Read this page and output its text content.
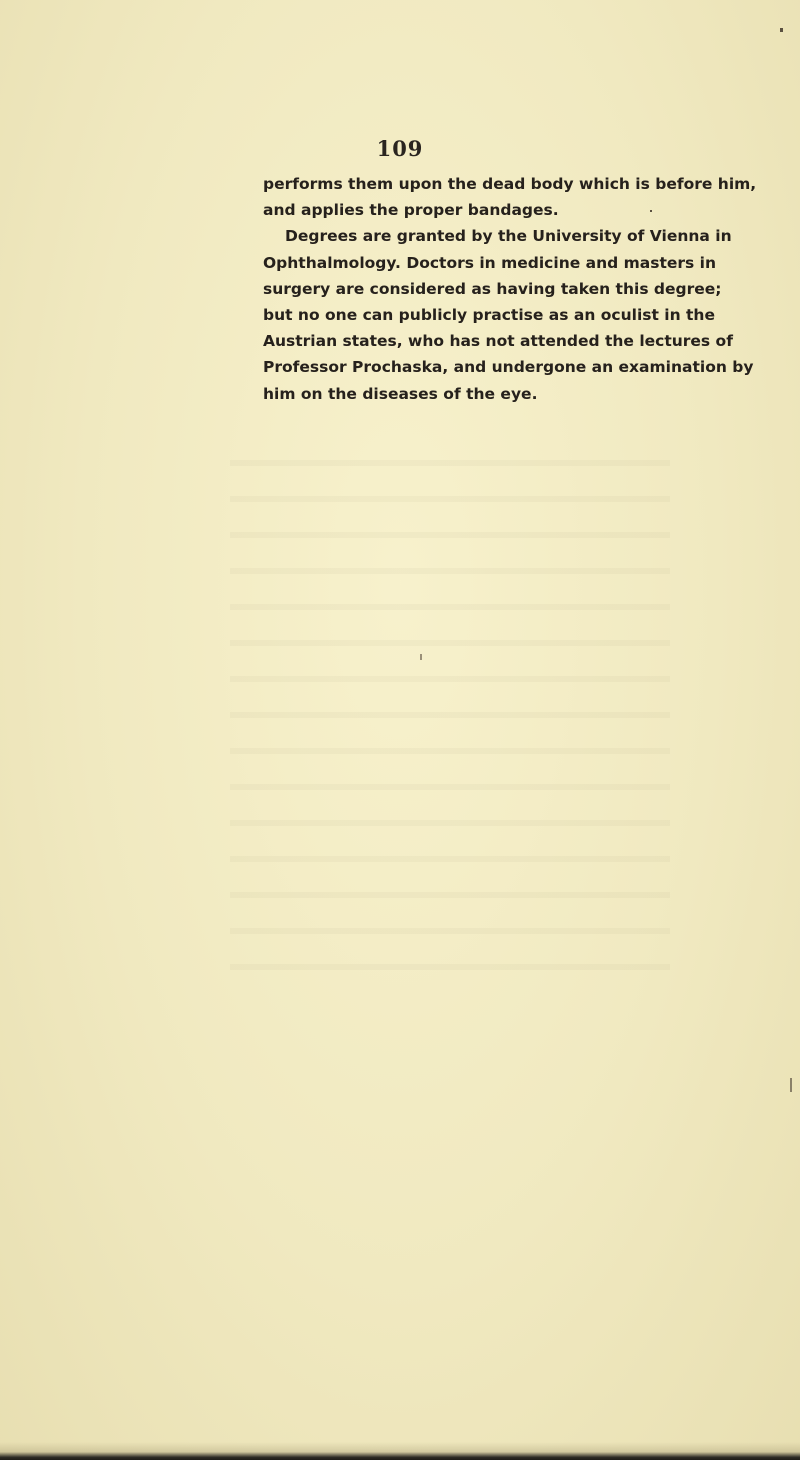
109
performs them upon the dead body which is before him,
and applies the proper bandages.
Degrees are granted by the University of Vienna in
Ophthalmology. Doctors in medicine and masters in
surgery are considered as having taken this degree;
but no one can publicly practise as an oculist in the
Austrian states, who has not attended the lectures of
Professor Prochaska, and undergone an examination by
him on the diseases of the eye.
